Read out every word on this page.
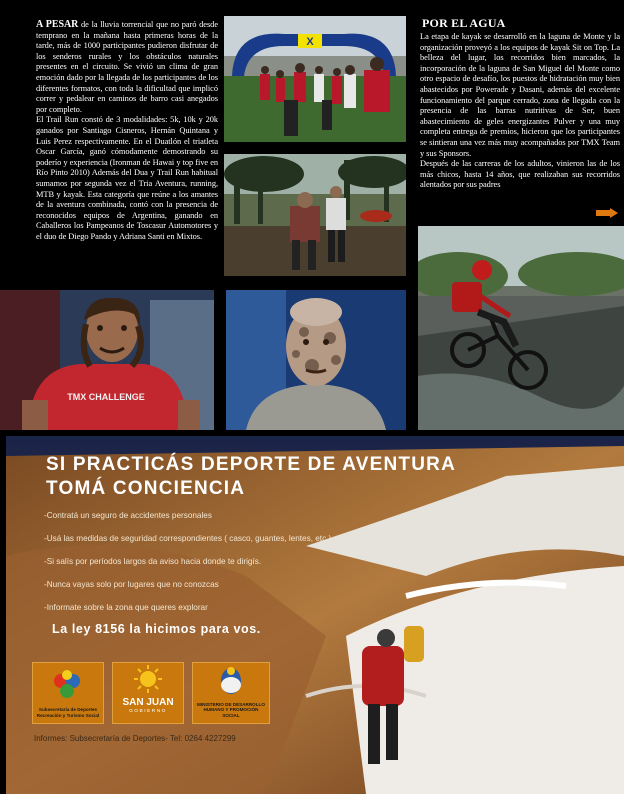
A PESAR de la lluvia torrencial que no paró desde temprano en la mañana hasta primeras horas de la tarde, más de 1000 participantes pudieron disfrutar de los senderos rurales y los obstáculos naturales presentes en el circuito. Se vivió un clima de gran emoción dado por la llegada de los participantes de los diferentes formatos, con toda la dificultad que implicó correr y pedalear en caminos de barro casi anegados por completo.

El Trail Run constó de 3 modalidades: 5k, 10k y 20k ganados por Santiago Cisneros, Hernán Quintana y Luis Perez respectivamente. En el Duatlón el triatleta Oscar García, ganó cómodamente demostrando su poderío y experiencia (Ironman de Hawai y top five en Río Pinto 2010) Además del Dua y Trail Run habitual sumamos por segunda vez el Tria Aventura, running, MTB y kayak. Esta categoría que reúne a los amantes de la aventura combinada, contó con la presencia de reconocidos equipos de Argentina, ganando en Caballeros los Pampeanos de Toscasur Automotores y el duo de Diego Pando y Adriana Santi en Mixtos.

POR EL AGUA

La etapa de kayak se desarrolló en la laguna de Monte y la organización proveyó a los equipos de kayak Sit on Top. La belleza del lugar, los recorridos bien marcados, la incorporación de la laguna de San Miguel del Monte como otro espacio de desafío, los puestos de hidratación muy bien abastecidos por Powerade y Dasani, además del excelente funcionamiento del parque cerrado, zona de llegada con la presencia de las barras nutritivas de Ser, buen abastecimiento de geles energizantes Pulver y una muy completa entrega de premios, hicieron que los participantes se sintieran una vez más muy acompañados por TMX Team y sus Sponsors.

Después de las carreras de los adultos, vinieron las de los más chicos, hasta 14 años, que realizaban sus recorridos alentados por sus padres

X
TMX CHALLENGE
SI PRACTICÁS DEPORTE DE AVENTURA
TOMÁ CONCIENCIA
-Contratá un seguro de accidentes personales
-Usá las medidas de seguridad correspondientes ( casco, guantes, lentes, etc.)
-Si salís por períodos largos da aviso hacia donde te dirigís.
-Nunca vayas solo por lugares que no conozcas
-Informate sobre la zona que queres explorar
La ley 8156 la hicimos para vos.
Subsecretaría de Deportes Recreación y Turismo Social
SAN JUAN
GOBIERNO
MINISTERIO DE DESARROLLO HUMANO Y PROMOCIÓN SOCIAL
Informes: Subsecretaría de Deportes- Tel: 0264 4227299
